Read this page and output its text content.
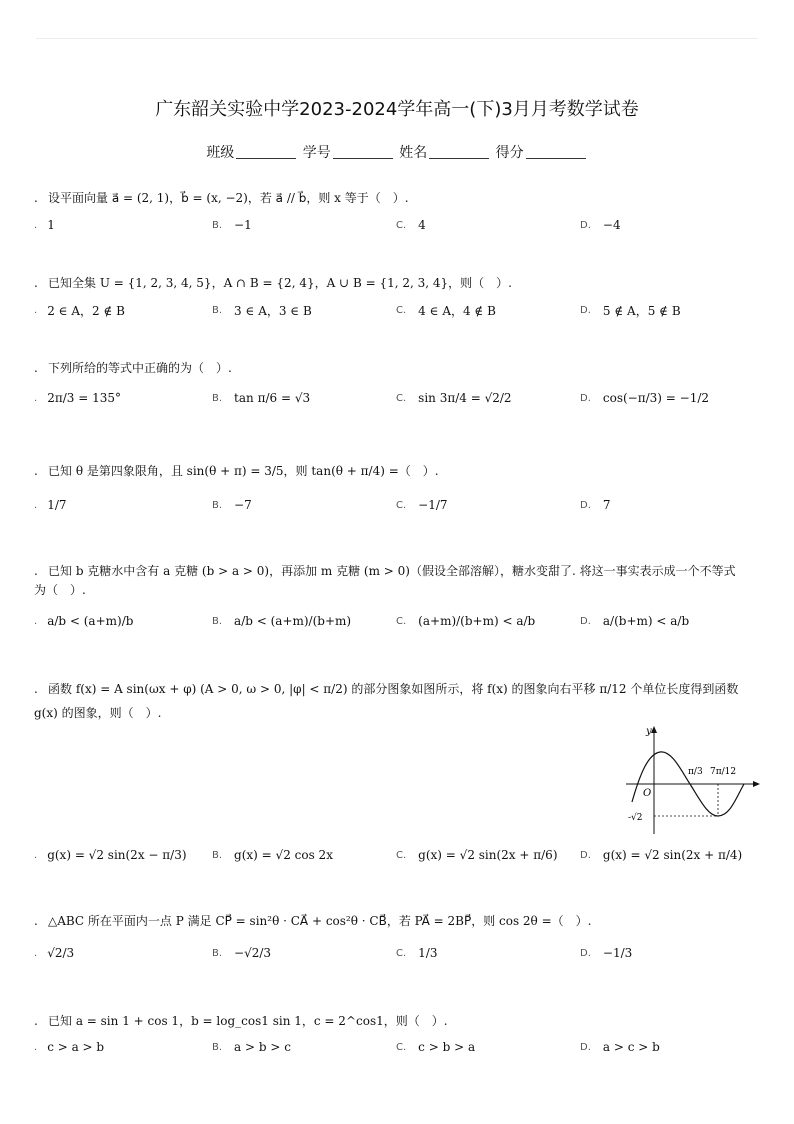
广东韶关实验中学2023-2024学年高一(下)3月月考数学试卷
班级	学号	姓名	得分
. 设平面向量 a⃗ = (2, 1)，b⃗ = (x, −2)，若 a⃗ // b⃗，则 x 等于（　）.
. 1	B. −1	C. 4	D. −4
. 已知全集 U = {1, 2, 3, 4, 5}，A ∩ B = {2, 4}，A ∪ B = {1, 2, 3, 4}，则（　）.
. 2 ∈ A，2 ∉ B	B. 3 ∈ A，3 ∈ B	C. 4 ∈ A，4 ∉ B	D. 5 ∉ A，5 ∉ B
. 下列所给的等式中正确的为（　）.
. 2π/3 = 135°	B. tan π/6 = √3	C. sin 3π/4 = √2/2	D. cos(−π/3) = −1/2
. 已知 θ 是第四象限角，且 sin(θ + π) = 3/5，则 tan(θ + π/4) =（　）.
. 1/7	B. −7	C. −1/7	D. 7
. 已知 b 克糖水中含有 a 克糖 (b > a > 0)，再添加 m 克糖 (m > 0)（假设全部溶解），糖水变甜了. 将这一事实表示成一个不等式
为（　）.
. a/b < (a+m)/b	B. a/b < (a+m)/(b+m)	C. (a+m)/(b+m) < a/b	D. a/(b+m) < a/b
. 函数 f(x) = A sin(ωx + φ) (A > 0, ω > 0, |φ| < π/2) 的部分图象如图所示，将 f(x) 的图象向右平移 π/12 个单位长度得到函数
g(x) 的图象，则（　）.
y
O
π/3 7π/12
-√2
. g(x) = √2 sin(2x − π/3)	B. g(x) = √2 cos 2x	C. g(x) = √2 sin(2x + π/6) D. g(x) = √2 sin(2x + π/4)
. △ABC 所在平面内一点 P 满足 CP⃗ = sin²θ · CA⃗ + cos²θ · CB⃗，若 PA⃗ = 2BP⃗，则 cos 2θ =（　）.
. √2/3	B. −√2/3	C. 1/3	D. −1/3
. 已知 a = sin 1 + cos 1，b = log_cos1 sin 1，c = 2^cos1，则（　）.
. c > a > b	B. a > b > c	C. c > b > a	D. a > c > b
